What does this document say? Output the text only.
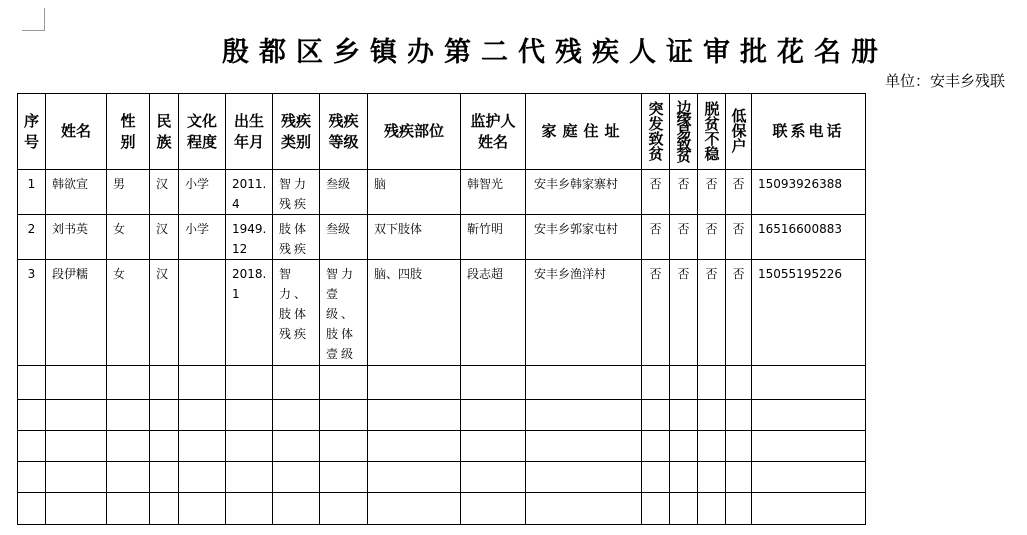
殷都区乡镇办第二代残疾人证审批花名册
单位：安丰乡残联
序号	姓名	性别	民族	文化程度	出生年月	残疾类别	残疾等级	残疾部位	监护人姓名	家庭住址	突发致贫	边缘易致贫	脱贫不稳	低保户	联系电话
1	韩欲宣	男	汉	小学	2011.4	智力残疾	叁级	脑	韩智光	安丰乡韩家寨村	否	否	否	否	15093926388
2	刘书英	女	汉	小学	1949.12	肢体残疾	叁级	双下肢体	靳竹明	安丰乡郭家屯村	否	否	否	否	16516600883
3	段伊糯	女	汉		2018.1	智力、肢体残疾	智力壹级、肢体壹级	脑、四肢	段志超	安丰乡渔洋村	否	否	否	否	15055195226
